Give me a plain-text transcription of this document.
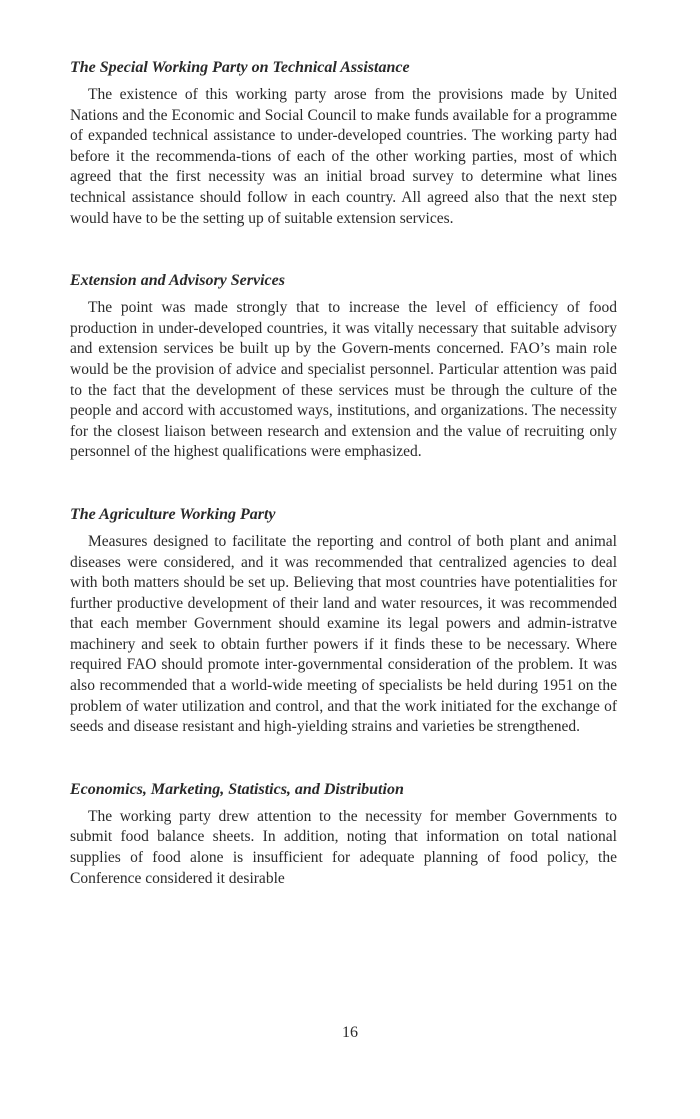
The Special Working Party on Technical Assistance

The existence of this working party arose from the provisions made by United Nations and the Economic and Social Council to make funds available for a programme of expanded technical assistance to under-developed countries. The working party had before it the recommenda-tions of each of the other working parties, most of which agreed that the first necessity was an initial broad survey to determine what lines technical assistance should follow in each country. All agreed also that the next step would have to be the setting up of suitable extension services.

Extension and Advisory Services

The point was made strongly that to increase the level of efficiency of food production in under-developed countries, it was vitally necessary that suitable advisory and extension services be built up by the Govern-ments concerned. FAO’s main role would be the provision of advice and specialist personnel. Particular attention was paid to the fact that the development of these services must be through the culture of the people and accord with accustomed ways, institutions, and organizations. The necessity for the closest liaison between research and extension and the value of recruiting only personnel of the highest qualifications were emphasized.

The Agriculture Working Party

Measures designed to facilitate the reporting and control of both plant and animal diseases were considered, and it was recommended that centralized agencies to deal with both matters should be set up. Believing that most countries have potentialities for further productive development of their land and water resources, it was recommended that each member Government should examine its legal powers and admin-istratve machinery and seek to obtain further powers if it finds these to be necessary. Where required FAO should promote inter-governmental consideration of the problem. It was also recommended that a world-wide meeting of specialists be held during 1951 on the problem of water utilization and control, and that the work initiated for the exchange of seeds and disease resistant and high-yielding strains and varieties be strengthened.

Economics, Marketing, Statistics, and Distribution

The working party drew attention to the necessity for member Governments to submit food balance sheets. In addition, noting that information on total national supplies of food alone is insufficient for adequate planning of food policy, the Conference considered it desirable

16
